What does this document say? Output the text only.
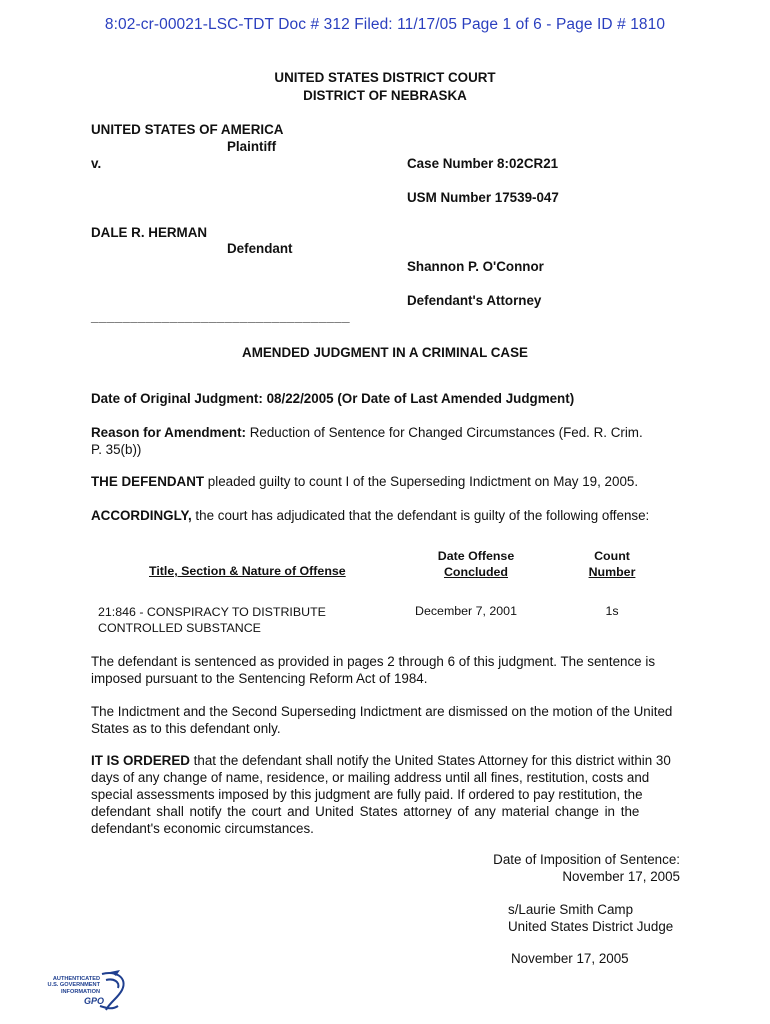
8:02-cr-00021-LSC-TDT Doc # 312 Filed: 11/17/05 Page 1 of 6 - Page ID # 1810
UNITED STATES DISTRICT COURT
DISTRICT OF NEBRASKA
UNITED STATES OF AMERICA
Plaintiff
v.	Case Number 8:02CR21
USM Number 17539-047
DALE R. HERMAN
Defendant
Shannon P. O'Connor
Defendant's Attorney
_________________________________
AMENDED JUDGMENT IN A CRIMINAL CASE
Date of Original Judgment: 08/22/2005 (Or Date of Last Amended Judgment)
Reason for Amendment: Reduction of Sentence for Changed Circumstances (Fed. R. Crim.
P. 35(b))
THE DEFENDANT pleaded guilty to count I of the Superseding Indictment on May 19, 2005.
ACCORDINGLY, the court has adjudicated that the defendant is guilty of the following offense:
Title, Section & Nature of Offense
Date Offense
Concluded
Count
Number
21:846 - CONSPIRACY TO DISTRIBUTE
CONTROLLED SUBSTANCE
December 7, 2001	1s
The defendant is sentenced as provided in pages 2 through 6 of this judgment. The sentence is
imposed pursuant to the Sentencing Reform Act of 1984.
The Indictment and the Second Superseding Indictment are dismissed on the motion of the United
States as to this defendant only.
IT IS ORDERED that the defendant shall notify the United States Attorney for this district within 30
days of any change of name, residence, or mailing address until all fines, restitution, costs and
special assessments imposed by this judgment are fully paid. If ordered to pay restitution, the
defendant shall notify the court and United States attorney of any material change in the
defendant's economic circumstances.
Date of Imposition of Sentence:
November 17, 2005
s/Laurie Smith Camp
United States District Judge
November 17, 2005
AUTHENTICATED
U.S. GOVERNMENT
INFORMATION
GPO
